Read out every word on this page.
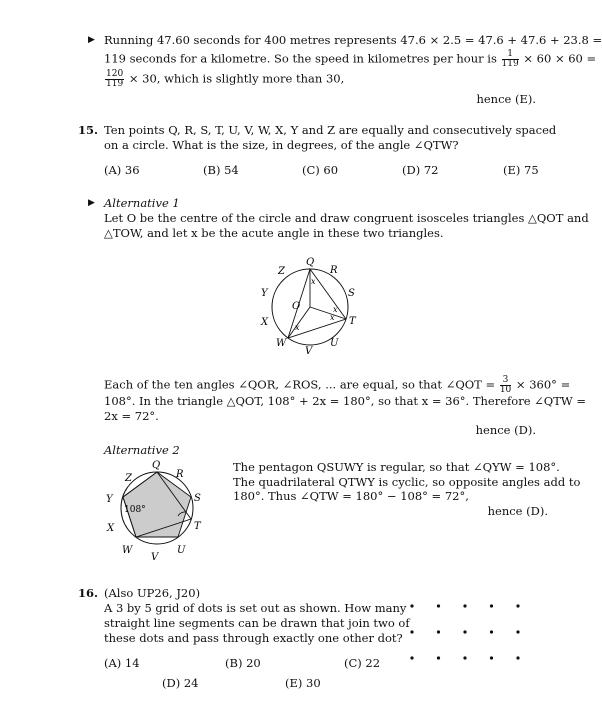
▶ Running 47.60 seconds for 400 metres represents 47.6 × 2.5 = 47.6 + 47.6 + 23.8 =
119 seconds for a kilometre. So the speed in kilometres per hour is $\frac{1}{119} \times 60 \times 60$ =
$\frac{120}{119} \times 30$, which is slightly more than 30,
hence (E).
15. Ten points Q, R, S, T, U, V, W, X, Y and Z are equally and consecutively spaced
on a circle. What is the size, in degrees, of the angle ∠QTW?
(A) 36	(B) 54	(C) 60	(D) 72	(E) 75
▶ Alternative 1
Let O be the centre of the circle and draw congruent isosceles triangles △QOT and
△TOW, and let x be the acute angle in these two triangles.
Q
R
S
T
U
V
W
X
Y
Z
O
x
x
x
x
Each of the ten angles ∠QOR, ∠ROS, ... are equal, so that ∠QOT = $\frac{3}{10} \times 360^\circ$ =
108°. In the triangle △QOT, 108° + 2x = 180°, so that x = 36°. Therefore ∠QTW =
2x = 72°.
hence (D).
Alternative 2
Q
R
S
T
U
V
W
X
Y
Z
108°
The pentagon QSUWY is regular, so that ∠QYW = 108°.
The quadrilateral QTWY is cyclic, so opposite angles add to
180°. Thus ∠QTW = 180° − 108° = 72°,
hence (D).
16. (Also UP26, J20)
A 3 by 5 grid of dots is set out as shown. How many
straight line segments can be drawn that join two of
these dots and pass through exactly one other dot?
(A) 14	(B) 20	(C) 22
(D) 24	(E) 30
